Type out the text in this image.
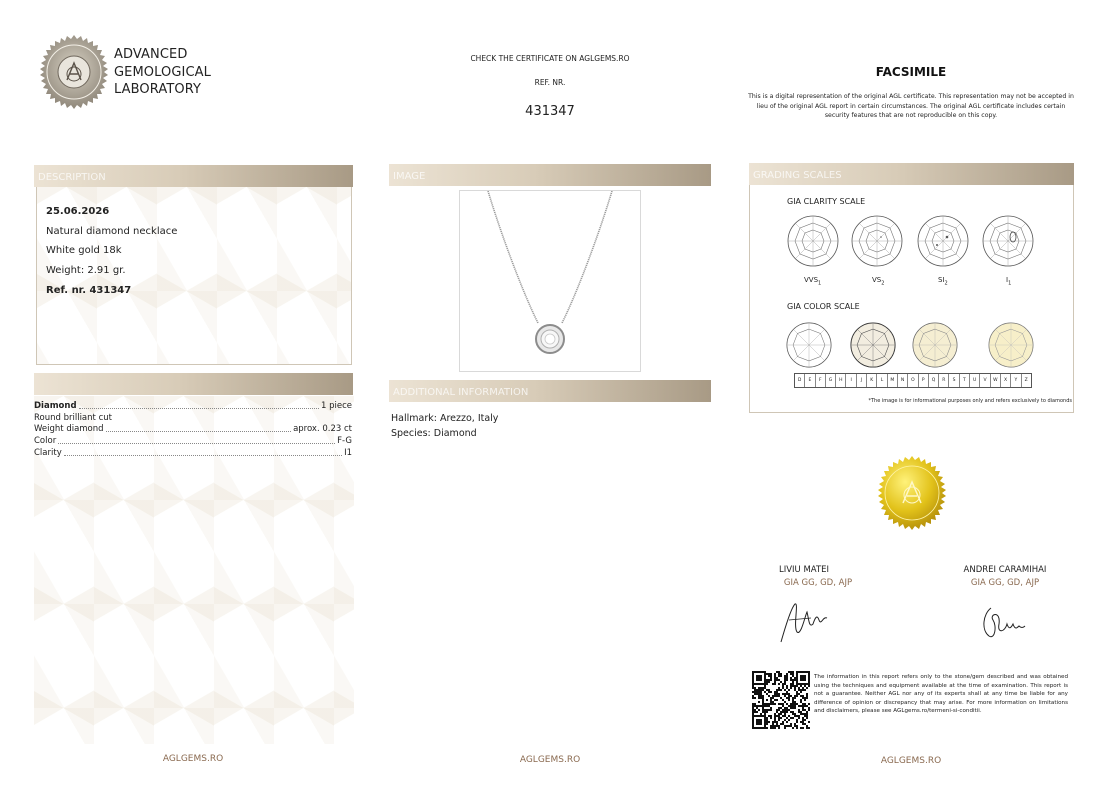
ADVANCED
GEMOLOGICAL
LABORATORY
CHECK THE CERTIFICATE ON AGLGEMS.RO
REF. NR.
431347
FACSIMILE
This is a digital representation of the original AGL certificate. This representation may not be accepted in lieu of the original AGL report in certain circumstances. The original AGL certificate includes certain security features that are not reproducible on this copy.
DESCRIPTION
25.06.2026
Natural diamond necklace
White gold 18k
Weight: 2.91 gr.
Ref. nr. 431347
Diamond	1 piece
Round brilliant cut
Weight diamond	aprox. 0.23 ct
Color	F-G
Clarity	I1
AGLGEMS.RO
IMAGE
ADDITIONAL INFORMATION
Hallmark: Arezzo, Italy
Species: Diamond
AGLGEMS.RO
GRADING SCALES
GIA CLARITY SCALE
$VVS_1$	$VS_2$	$SI_2$	$I_1$
GIA COLOR SCALE
D	E	F	G	H	I	J	K	L	M	N	O	P	Q	R	S	T	U	V	W	X	Y	Z
*The image is for informational purposes only and refers exclusively to diamonds
LIVIU MATEI
GIA GG, GD, AJP
ANDREI CARAMIHAI
GIA GG, GD, AJP
The information in this report refers only to the stone/gem described and was obtained using the techniques and equipment available at the time of examination. This report is not a guarantee. Neither AGL nor any of its experts shall at any time be liable for any difference of opinion or discrepancy that may arise. For more information on limitations and disclaimers, please see AGLgems.ro/termeni-si-conditii.
AGLGEMS.RO
